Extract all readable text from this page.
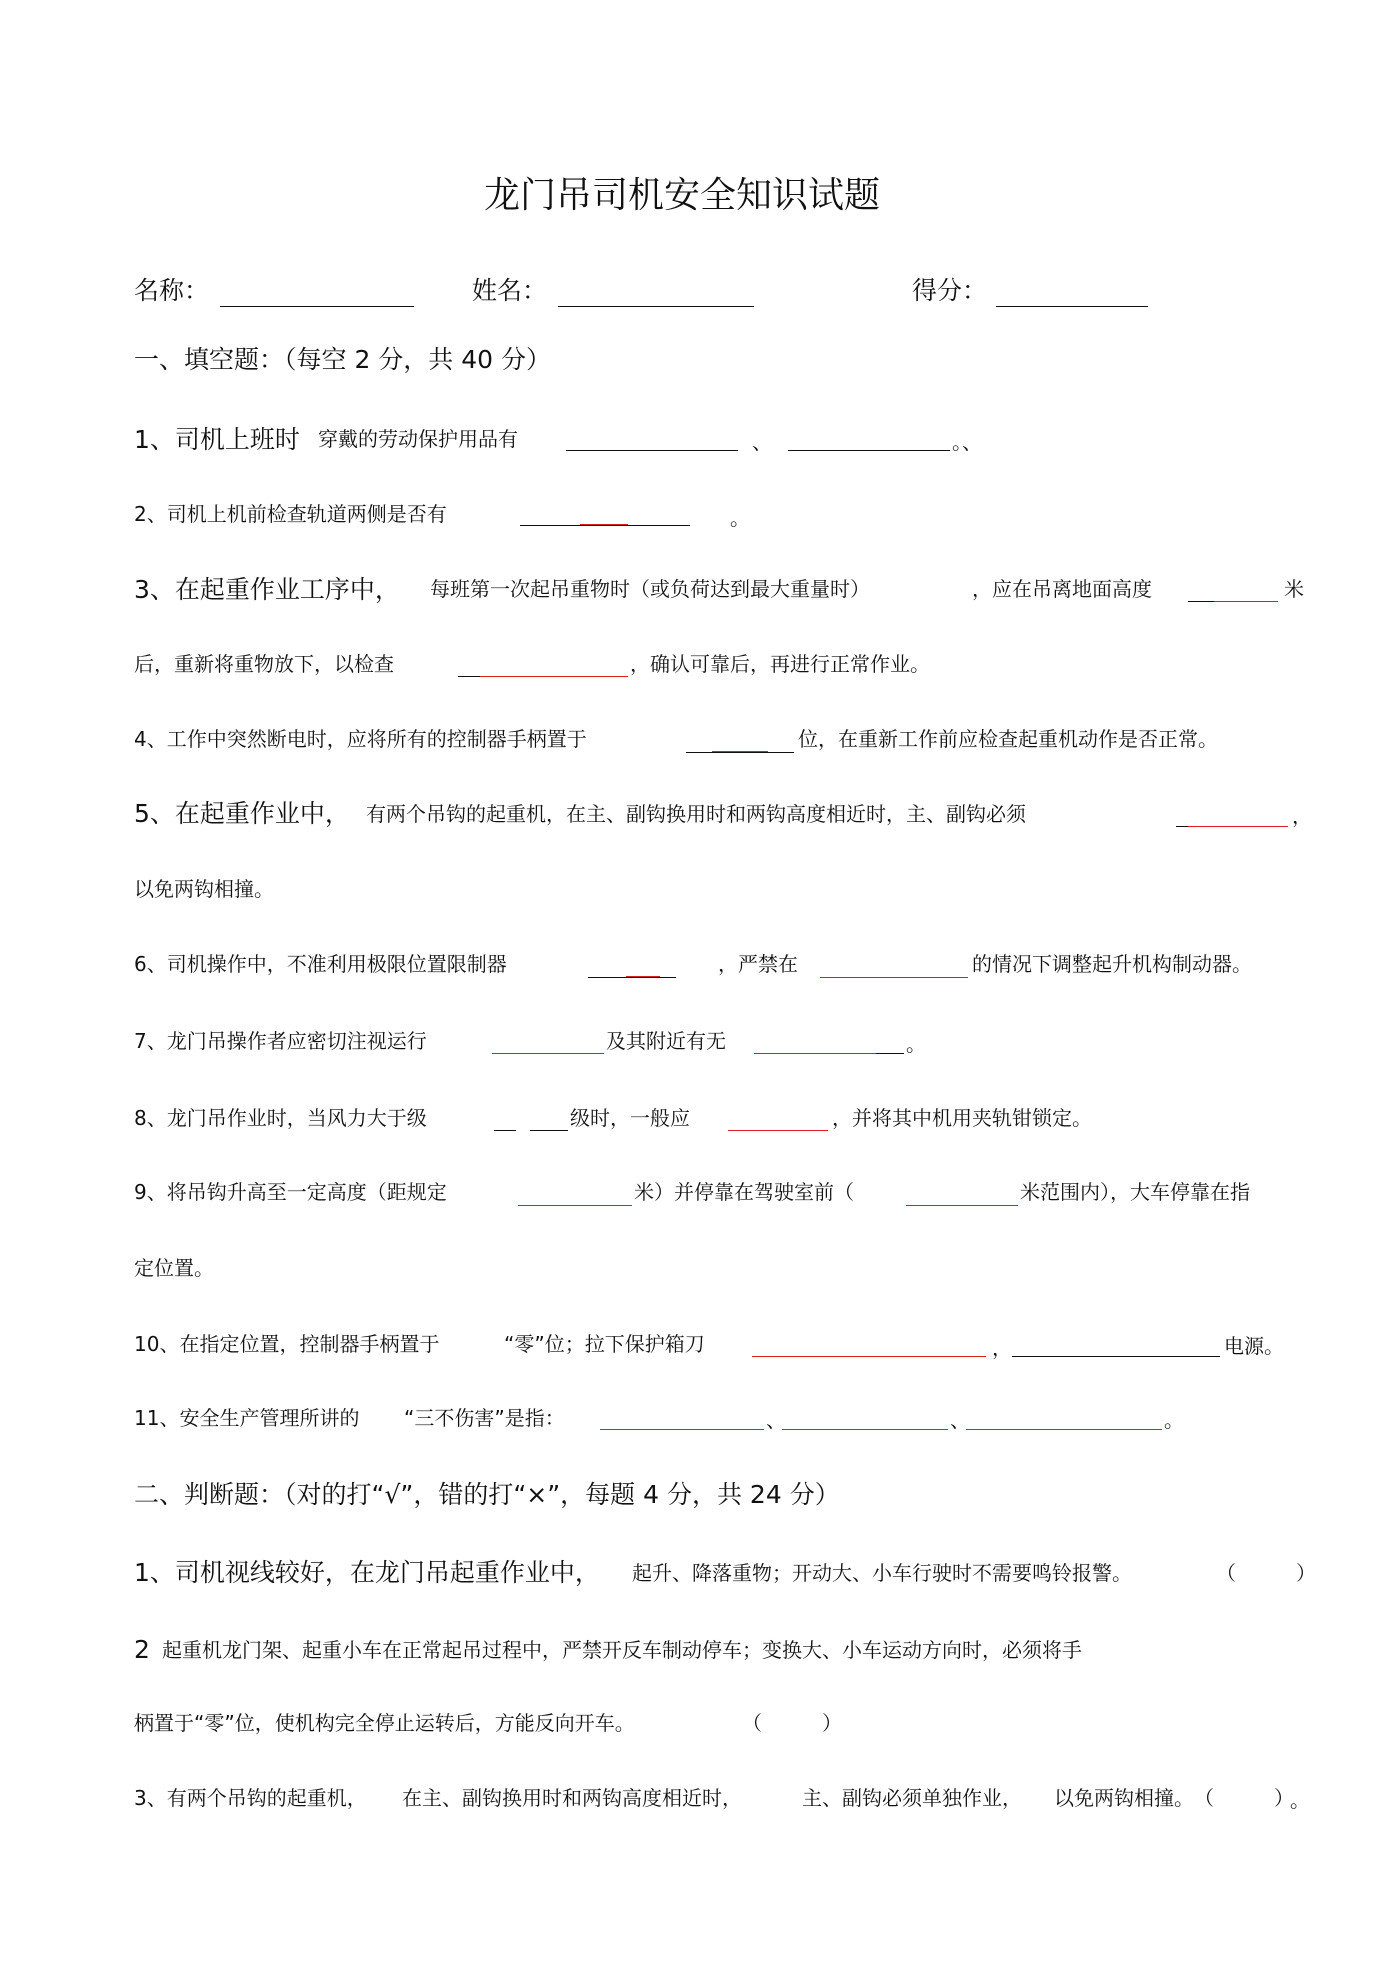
龙门吊司机安全知识试题
名称：	姓名：	得分：
一、填空题：（每空 2 分，共 40 分）
1、司机上班时 穿戴的劳动保护用品有	、	。、
2、司机上机前检查轨道两侧是否有	。
3、在起重作业工序中， 每班第一次起吊重物时（或负荷达到最大重量时）	，应在吊离地面高度	米
后，重新将重物放下，以检查	，确认可靠后，再进行正常作业。
4、工作中突然断电时，应将所有的控制器手柄置于	位，在重新工作前应检查起重机动作是否正常。
5、在起重作业中， 有两个吊钩的起重机，在主、副钩换用时和两钩高度相近时，主、副钩必须	，
以免两钩相撞。
6、司机操作中，不准利用极限位置限制器	，严禁在	的情况下调整起升机构制动器。
7、龙门吊操作者应密切注视运行	及其附近有无	。
8、龙门吊作业时，当风力大于级	级时，一般应	，并将其中机用夹轨钳锁定。
9、将吊钩升高至一定高度（距规定	米）并停靠在驾驶室前（	米范围内），大车停靠在指
定位置。
10、在指定位置，控制器手柄置于	“零”位；拉下保护箱刀	，	电源。
11、安全生产管理所讲的 “三不伤害”是指：	、	、	。
二、判断题：（对的打“√”，错的打“×”，每题 4 分，共 24 分）
1、司机视线较好，在龙门吊起重作业中， 起升、降落重物；开动大、小车行驶时不需要鸣铃报警。	（　　　）
2 起重机龙门架、起重小车在正常起吊过程中，严禁开反车制动停车；变换大、小车运动方向时，必须将手
柄置于“零”位，使机构完全停止运转后，方能反向开车。	（　　　）
3、有两个吊钩的起重机， 在主、副钩换用时和两钩高度相近时，	主、副钩必须单独作业， 以免两钩相撞。 （　　　）
。
